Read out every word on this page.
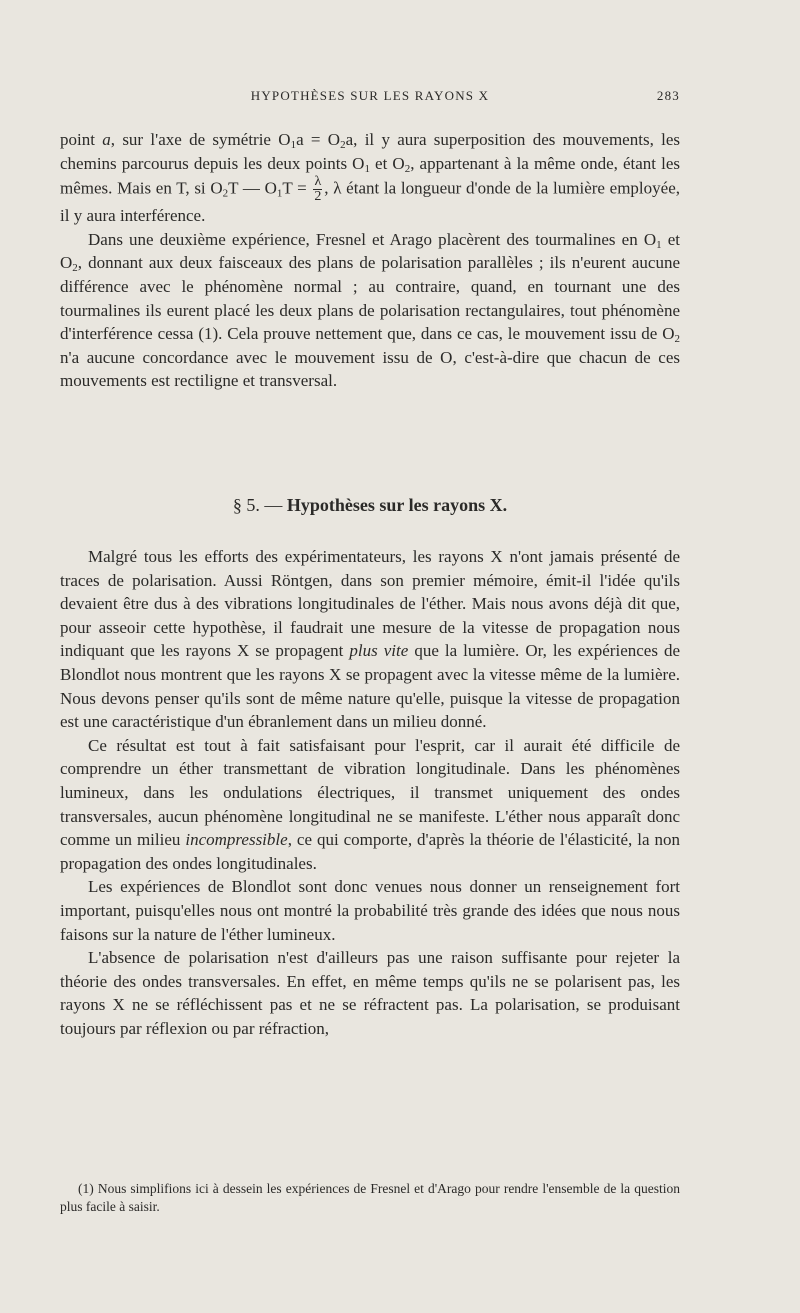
HYPOTHÈSES SUR LES RAYONS X	283

point a, sur l'axe de symétrie $O_1a = O_2a$, il y aura superposition des mouvements, les chemins parcourus depuis les deux points $O_1$ et $O_2$, appartenant à la même onde, étant les mêmes. Mais en T, si $O_2T$ — $O_1T = \frac{\lambda}{2}$ , λ étant la longueur d'onde de la lumière employée, il y aura interférence.

Dans une deuxième expérience, Fresnel et Arago placèrent des tourmalines en $O_1$ et $O_2$, donnant aux deux faisceaux des plans de polarisation parallèles ; ils n'eurent aucune différence avec le phénomène normal ; au contraire, quand, en tournant une des tourmalines ils eurent placé les deux plans de polarisation rectangulaires, tout phénomène d'interférence cessa (1). Cela prouve nettement que, dans ce cas, le mouvement issu de $O_2$ n'a aucune concordance avec le mouvement issu de O, c'est-à-dire que chacun de ces mouvements est rectiligne et transversal.

§ 5. — Hypothèses sur les rayons X.

Malgré tous les efforts des expérimentateurs, les rayons X n'ont jamais présenté de traces de polarisation. Aussi Röntgen, dans son premier mémoire, émit-il l'idée qu'ils devaient être dus à des vibrations longitudinales de l'éther. Mais nous avons déjà dit que, pour asseoir cette hypothèse, il faudrait une mesure de la vitesse de propagation nous indiquant que les rayons X se propagent plus vite que la lumière. Or, les expériences de Blondlot nous montrent que les rayons X se propagent avec la vitesse même de la lumière. Nous devons penser qu'ils sont de même nature qu'elle, puisque la vitesse de propagation est une caractéristique d'un ébranlement dans un milieu donné.

Ce résultat est tout à fait satisfaisant pour l'esprit, car il aurait été difficile de comprendre un éther transmettant de vibration longitudinale. Dans les phénomènes lumineux, dans les ondulations électriques, il transmet uniquement des ondes transversales, aucun phénomène longitudinal ne se manifeste. L'éther nous apparaît donc comme un milieu incompressible, ce qui comporte, d'après la théorie de l'élasticité, la non propagation des ondes longitudinales.

Les expériences de Blondlot sont donc venues nous donner un renseignement fort important, puisqu'elles nous ont montré la probabilité très grande des idées que nous nous faisons sur la nature de l'éther lumineux.

L'absence de polarisation n'est d'ailleurs pas une raison suffisante pour rejeter la théorie des ondes transversales. En effet, en même temps qu'ils ne se polarisent pas, les rayons X ne se réfléchissent pas et ne se réfractent pas. La polarisation, se produisant toujours par réflexion ou par réfraction,

(1) Nous simplifions ici à dessein les expériences de Fresnel et d'Arago pour rendre l'ensemble de la question plus facile à saisir.
